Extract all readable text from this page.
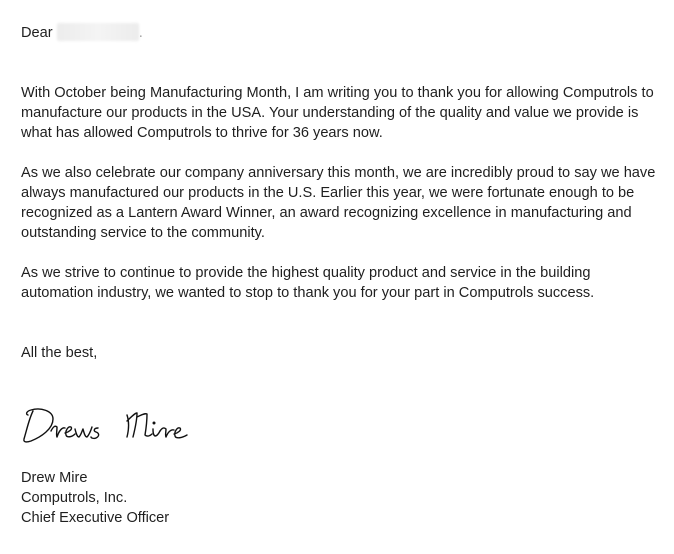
Dear	.

With October being Manufacturing Month, I am writing you to thank you for allowing Computrols to manufacture our products in the USA. Your understanding of the quality and value we provide is what has allowed Computrols to thrive for 36 years now.

As we also celebrate our company anniversary this month, we are incredibly proud to say we have always manufactured our products in the U.S. Earlier this year, we were fortunate enough to be recognized as a Lantern Award Winner, an award recognizing excellence in manufacturing and outstanding service to the community.

As we strive to continue to provide the highest quality product and service in the building automation industry, we wanted to stop to thank you for your part in Computrols success.

All the best,

Drew Mire
Computrols, Inc.
Chief Executive Officer
